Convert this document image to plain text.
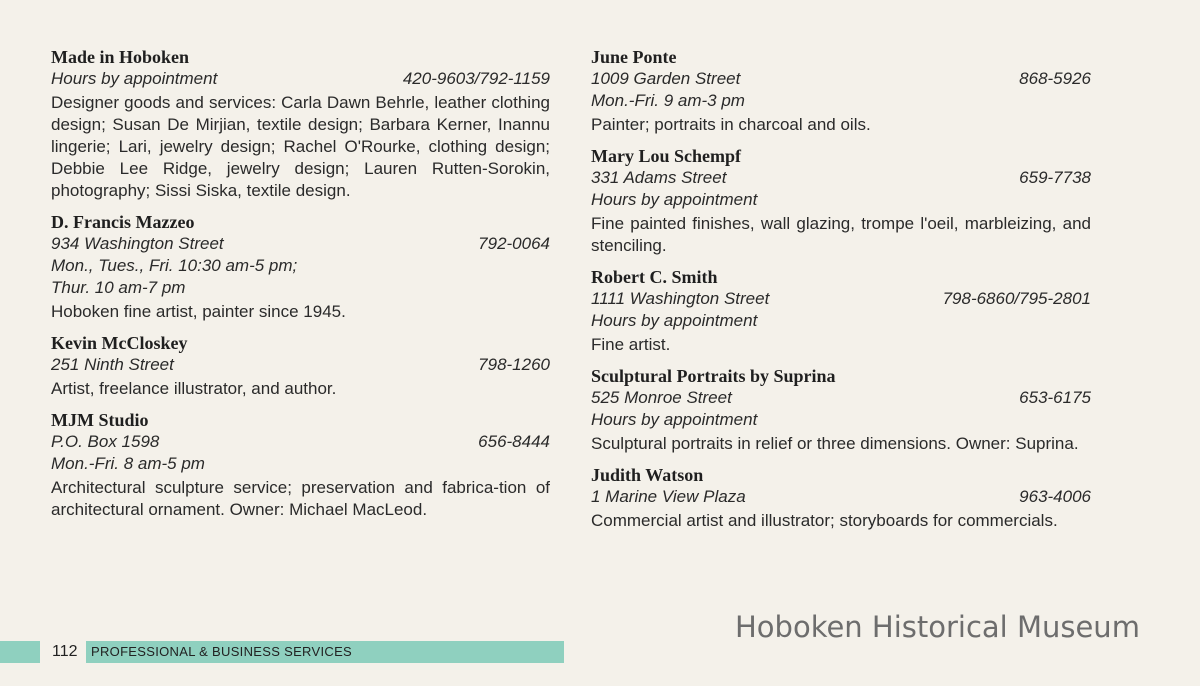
Made in Hoboken
Hours by appointment	420-9603/792-1159
Designer goods and services: Carla Dawn Behrle, leather clothing design; Susan De Mirjian, textile design; Barbara Kerner, Inannu lingerie; Lari, jewelry design; Rachel O'Rourke, clothing design; Debbie Lee Ridge, jewelry design; Lauren Rutten-Sorokin, photography; Sissi Siska, textile design.
D. Francis Mazzeo
934 Washington Street	792-0064
Mon., Tues., Fri. 10:30 am-5 pm;
Thur. 10 am-7 pm
Hoboken fine artist, painter since 1945.
Kevin McCloskey
251 Ninth Street	798-1260
Artist, freelance illustrator, and author.
MJM Studio
P.O. Box 1598	656-8444
Mon.-Fri. 8 am-5 pm
Architectural sculpture service; preservation and fabrica-tion of architectural ornament. Owner: Michael MacLeod.
June Ponte
1009 Garden Street	868-5926
Mon.-Fri. 9 am-3 pm
Painter; portraits in charcoal and oils.
Mary Lou Schempf
331 Adams Street	659-7738
Hours by appointment
Fine painted finishes, wall glazing, trompe l'oeil, marbleizing, and stenciling.
Robert C. Smith
1111 Washington Street	798-6860/795-2801
Hours by appointment
Fine artist.
Sculptural Portraits by Suprina
525 Monroe Street	653-6175
Hours by appointment
Sculptural portraits in relief or three dimensions. Owner: Suprina.
Judith Watson
1 Marine View Plaza	963-4006
Commercial artist and illustrator; storyboards for commercials.
112	PROFESSIONAL & BUSINESS SERVICES
Hoboken Historical Museum
